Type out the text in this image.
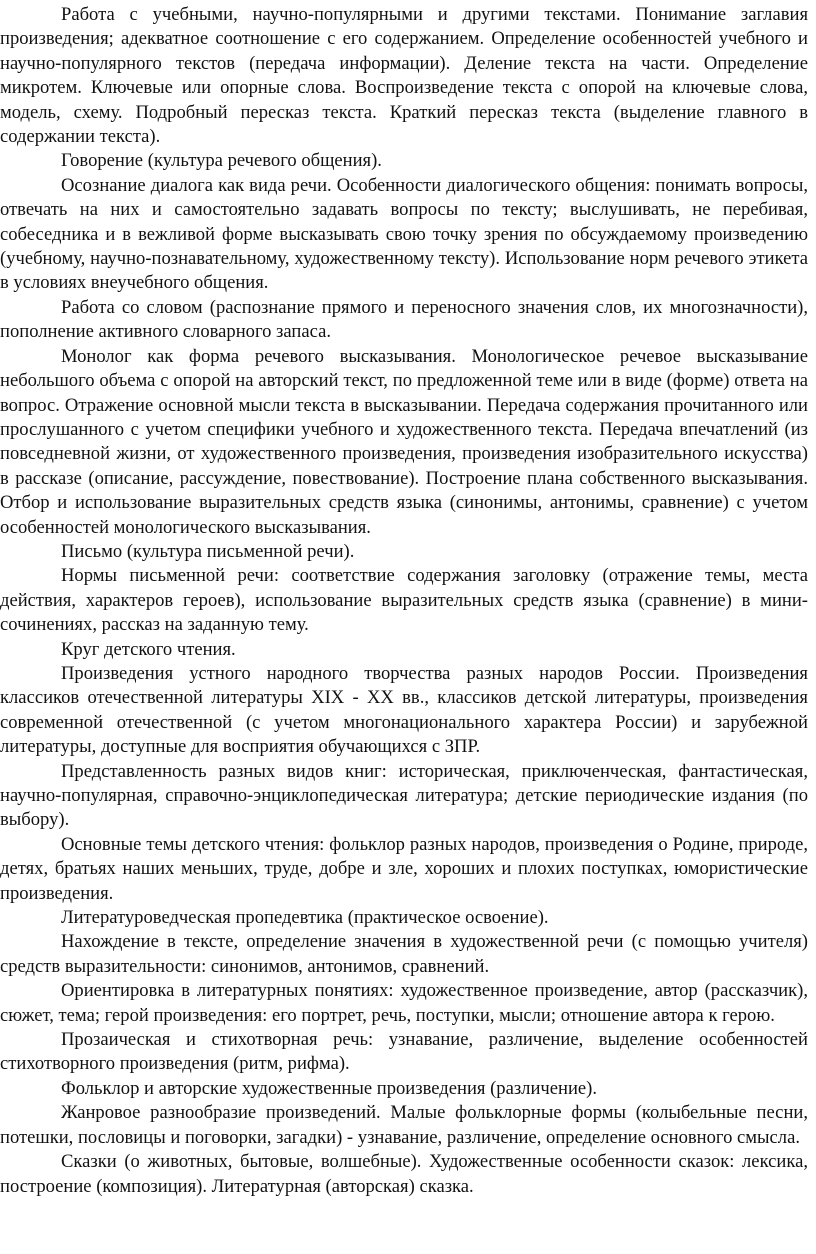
Работа с учебными, научно-популярными и другими текстами. Понимание заглавия произведения; адекватное соотношение с его содержанием. Определение особенностей учебного и научно-популярного текстов (передача информации). Деление текста на части. Определение микротем. Ключевые или опорные слова. Воспроизведение текста с опорой на ключевые слова, модель, схему. Подробный пересказ текста. Краткий пересказ текста (выделение главного в содержании текста).

Говорение (культура речевого общения).

Осознание диалога как вида речи. Особенности диалогического общения: понимать вопросы, отвечать на них и самостоятельно задавать вопросы по тексту; выслушивать, не перебивая, собеседника и в вежливой форме высказывать свою точку зрения по обсуждаемому произведению (учебному, научно-познавательному, художественному тексту). Использование норм речевого этикета в условиях внеучебного общения.

Работа со словом (распознание прямого и переносного значения слов, их многозначности), пополнение активного словарного запаса.

Монолог как форма речевого высказывания. Монологическое речевое высказывание небольшого объема с опорой на авторский текст, по предложенной теме или в виде (форме) ответа на вопрос. Отражение основной мысли текста в высказывании. Передача содержания прочитанного или прослушанного с учетом специфики учебного и художественного текста. Передача впечатлений (из повседневной жизни, от художественного произведения, произведения изобразительного искусства) в рассказе (описание, рассуждение, повествование). Построение плана собственного высказывания. Отбор и использование выразительных средств языка (синонимы, антонимы, сравнение) с учетом особенностей монологического высказывания.

Письмо (культура письменной речи).

Нормы письменной речи: соответствие содержания заголовку (отражение темы, места действия, характеров героев), использование выразительных средств языка (сравнение) в мини-сочинениях, рассказ на заданную тему.

Круг детского чтения.

Произведения устного народного творчества разных народов России. Произведения классиков отечественной литературы XIX - XX вв., классиков детской литературы, произведения современной отечественной (с учетом многонационального характера России) и зарубежной литературы, доступные для восприятия обучающихся с ЗПР.

Представленность разных видов книг: историческая, приключенческая, фантастическая, научно-популярная, справочно-энциклопедическая литература; детские периодические издания (по выбору).

Основные темы детского чтения: фольклор разных народов, произведения о Родине, природе, детях, братьях наших меньших, труде, добре и зле, хороших и плохих поступках, юмористические произведения.

Литературоведческая пропедевтика (практическое освоение).

Нахождение в тексте, определение значения в художественной речи (с помощью учителя) средств выразительности: синонимов, антонимов, сравнений.

Ориентировка в литературных понятиях: художественное произведение, автор (рассказчик), сюжет, тема; герой произведения: его портрет, речь, поступки, мысли; отношение автора к герою.

Прозаическая и стихотворная речь: узнавание, различение, выделение особенностей стихотворного произведения (ритм, рифма).

Фольклор и авторские художественные произведения (различение).

Жанровое разнообразие произведений. Малые фольклорные формы (колыбельные песни, потешки, пословицы и поговорки, загадки) - узнавание, различение, определение основного смысла.

Сказки (о животных, бытовые, волшебные). Художественные особенности сказок: лексика, построение (композиция). Литературная (авторская) сказка.
